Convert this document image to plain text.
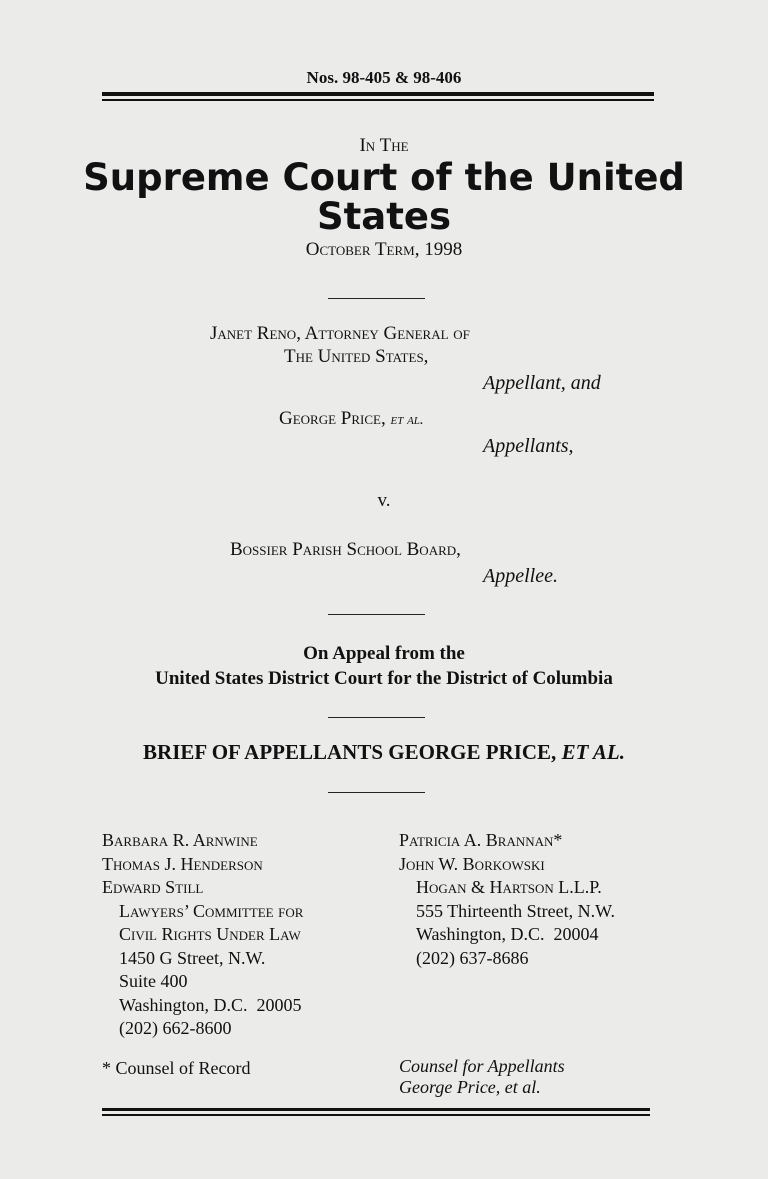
Nos. 98-405 & 98-406
In The
Supreme Court of the United States
October Term, 1998
Janet Reno, Attorney General of
The United States,
Appellant, and
George Price, et al.
Appellants,
v.
Bossier Parish School Board,
Appellee.
On Appeal from the
United States District Court for the District of Columbia
BRIEF OF APPELLANTS GEORGE PRICE, ET AL.
Barbara R. Arnwine
Thomas J. Henderson
Edward Still
Lawyers’ Committee for
Civil Rights Under Law
1450 G Street, N.W.
Suite 400
Washington, D.C.  20005
(202) 662-8600
* Counsel of Record
Patricia A. Brannan*
John W. Borkowski
Hogan & Hartson L.L.P.
555 Thirteenth Street, N.W.
Washington, D.C.  20004
(202) 637-8686
Counsel for Appellants
George Price, et al.
